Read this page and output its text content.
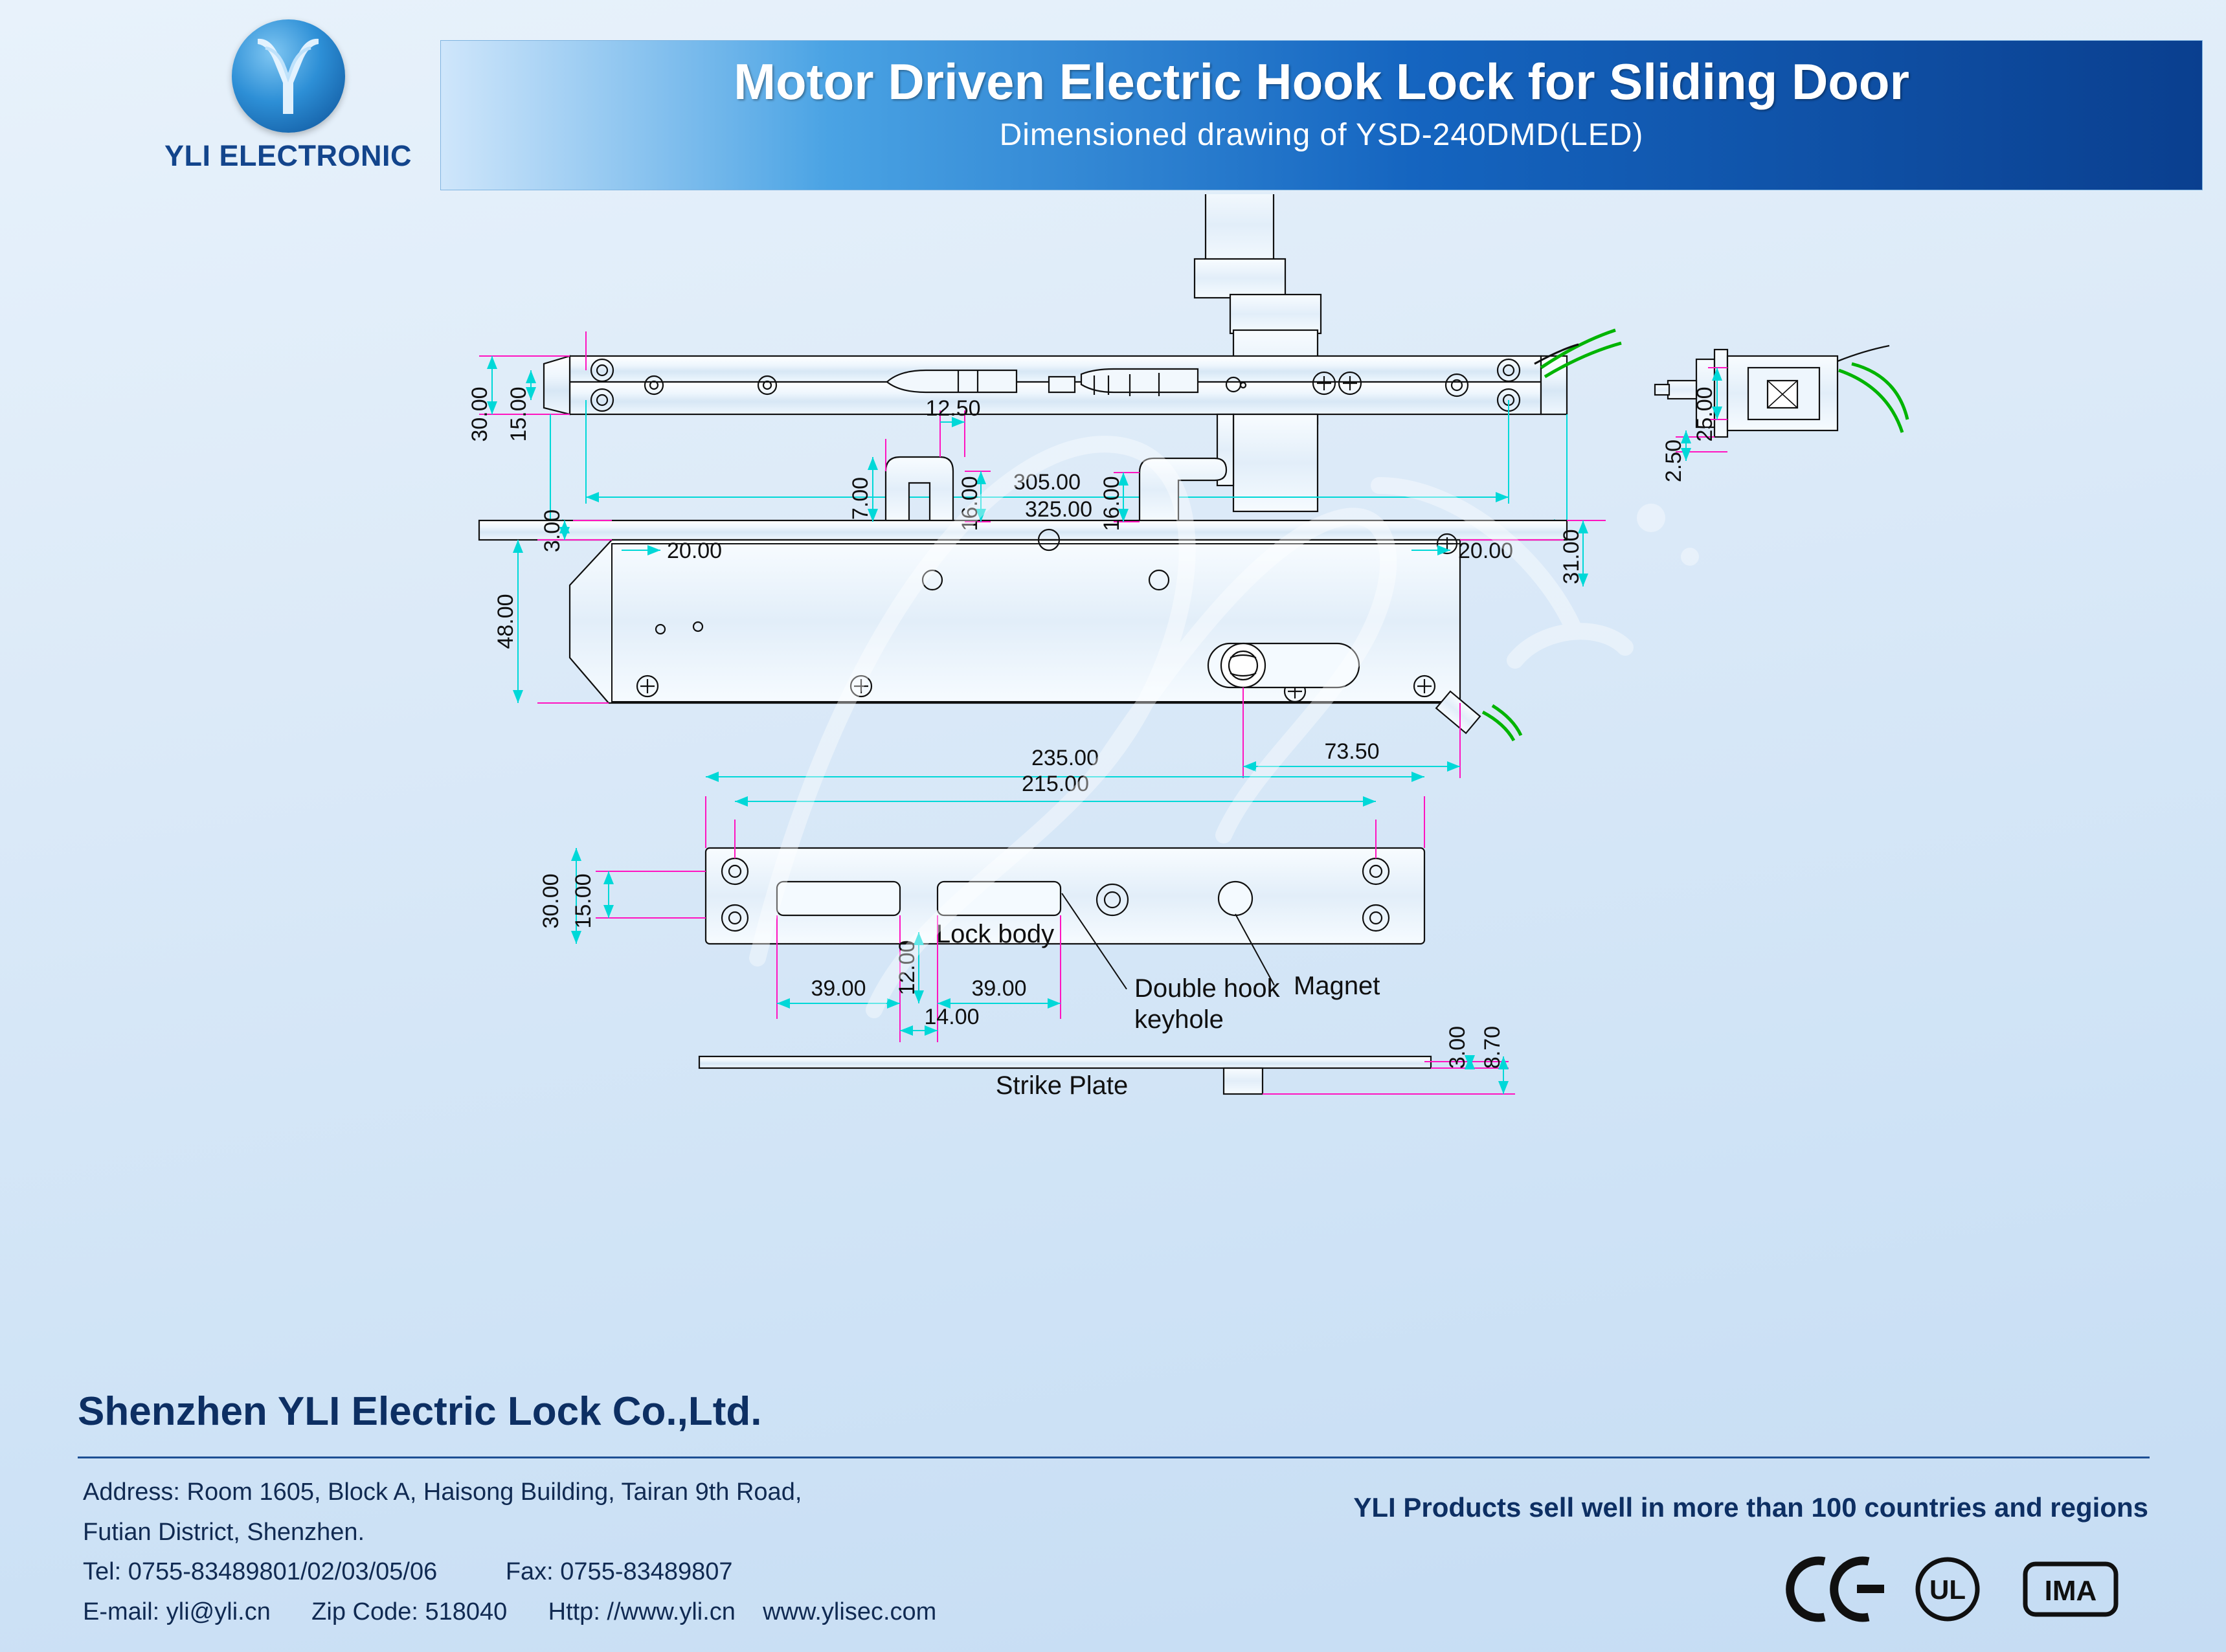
YLI ELECTRONIC
Motor Driven Electric Hook Lock for Sliding Door
Dimensioned drawing of YSD-240DMD(LED)
30.00 15.00
305.00
325.00
25.00
2.50
7.00
12.50
16.00	16.00
48.00
3.00	20.00	20.00 31.00
73.50
235.00
215.00
15.00
30.00
39.00	39.00
12.00
14.00
3.00 8.70
Lock body
Strike Plate
Double hook
keyhole
Magnet
Shenzhen YLI Electric Lock Co.,Ltd.
Address: Room 1605, Block A, Haisong Building, Tairan 9th Road,
Futian District, Shenzhen.
Tel: 0755-83489801/02/03/05/06          Fax: 0755-83489807
E-mail: yli@yli.cn      Zip Code: 518040      Http: //www.yli.cn    www.ylisec.com
YLI Products sell well in more than 100 countries and regions
UL	IMA
